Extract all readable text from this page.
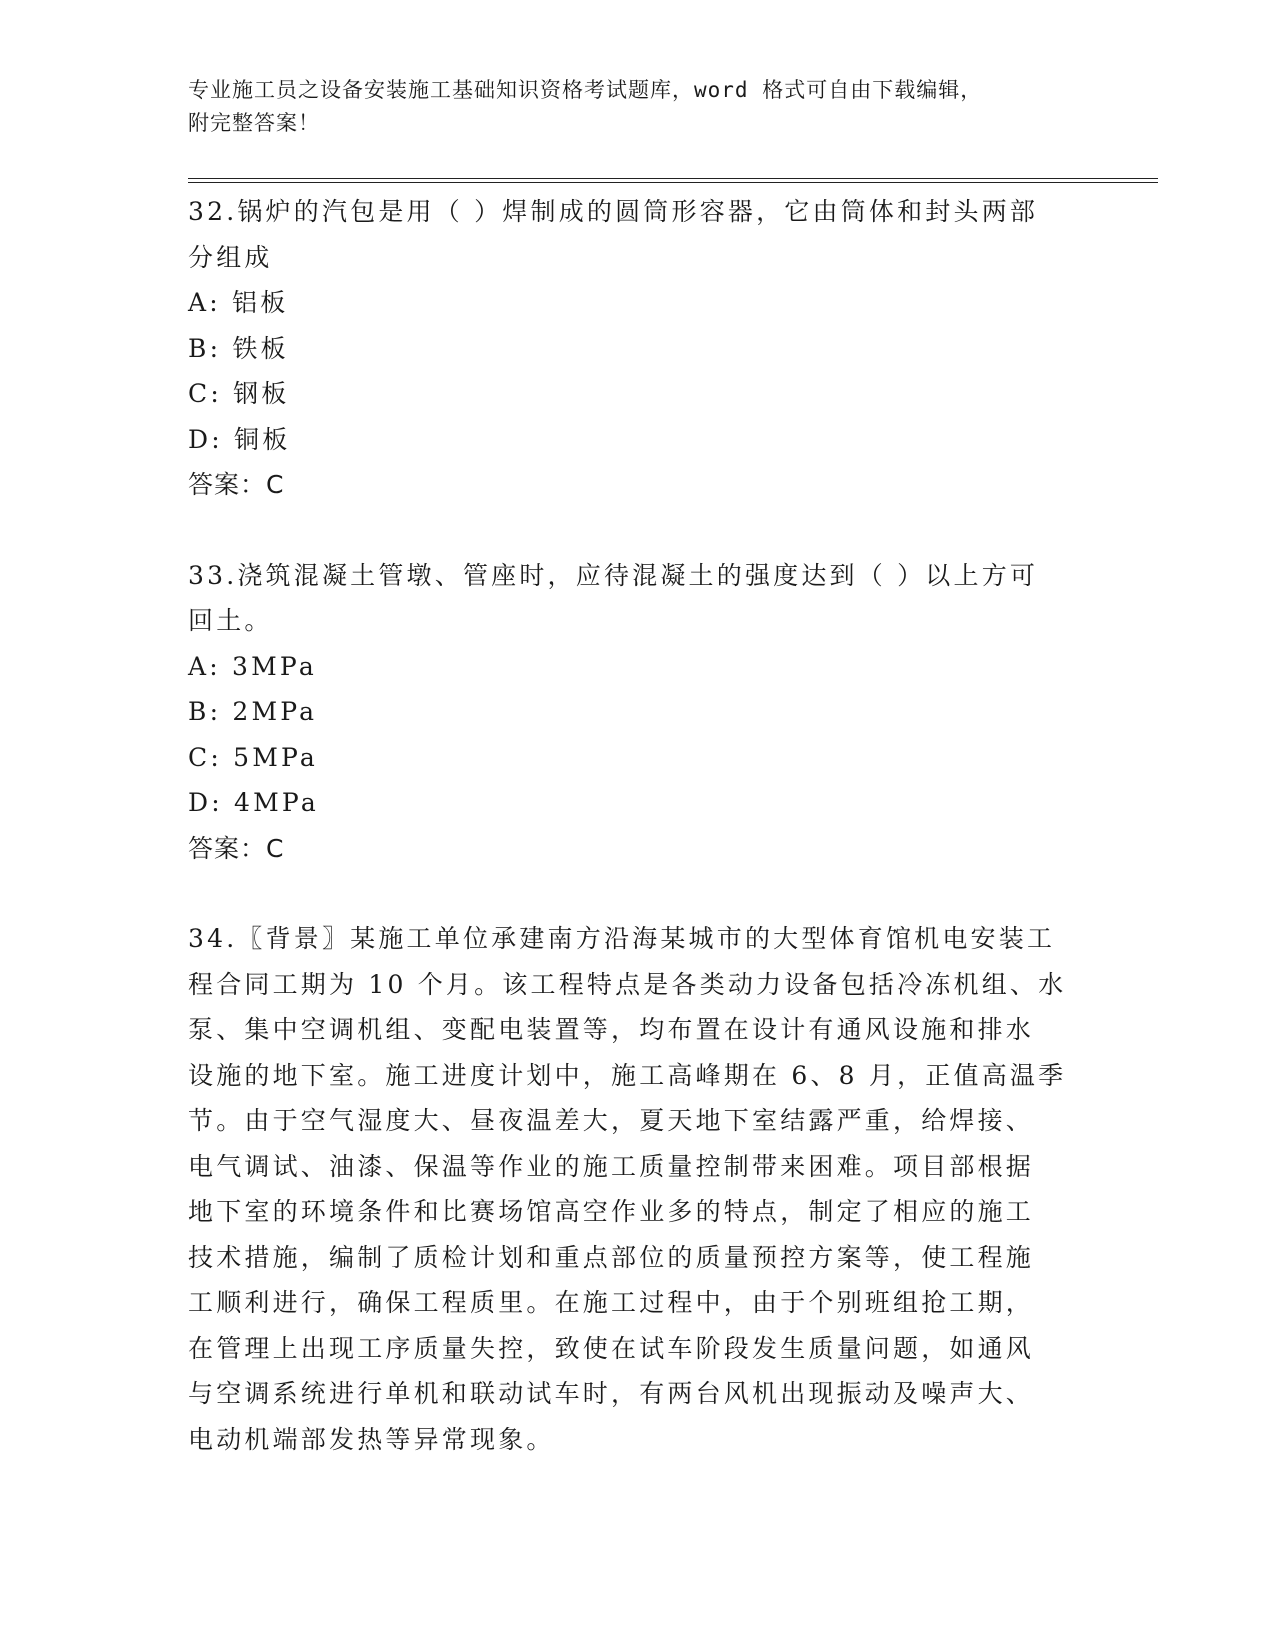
专业施工员之设备安装施工基础知识资格考试题库，word 格式可自由下载编辑，
附完整答案！

32.锅炉的汽包是用（ ）焊制成的圆筒形容器，它由筒体和封头两部

分组成

A: 铝板

B: 铁板

C: 钢板

D: 铜板

答案：C

33.浇筑混凝土管墩、管座时，应待混凝土的强度达到（ ）以上方可

回土。

A: 3MPa

B: 2MPa

C: 5MPa

D: 4MPa

答案：C

34.〖背景〗某施工单位承建南方沿海某城市的大型体育馆机电安装工

程合同工期为 10 个月。该工程特点是各类动力设备包括冷冻机组、水

泵、集中空调机组、变配电装置等，均布置在设计有通风设施和排水

设施的地下室。施工进度计划中，施工高峰期在 6、8 月，正值高温季

节。由于空气湿度大、昼夜温差大，夏天地下室结露严重，给焊接、

电气调试、油漆、保温等作业的施工质量控制带来困难。项目部根据

地下室的环境条件和比赛场馆高空作业多的特点，制定了相应的施工

技术措施，编制了质检计划和重点部位的质量预控方案等，使工程施

工顺利进行，确保工程质里。在施工过程中，由于个别班组抢工期，

在管理上出现工序质量失控，致使在试车阶段发生质量问题，如通风

与空调系统进行单机和联动试车时，有两台风机出现振动及噪声大、

电动机端部发热等异常现象。
